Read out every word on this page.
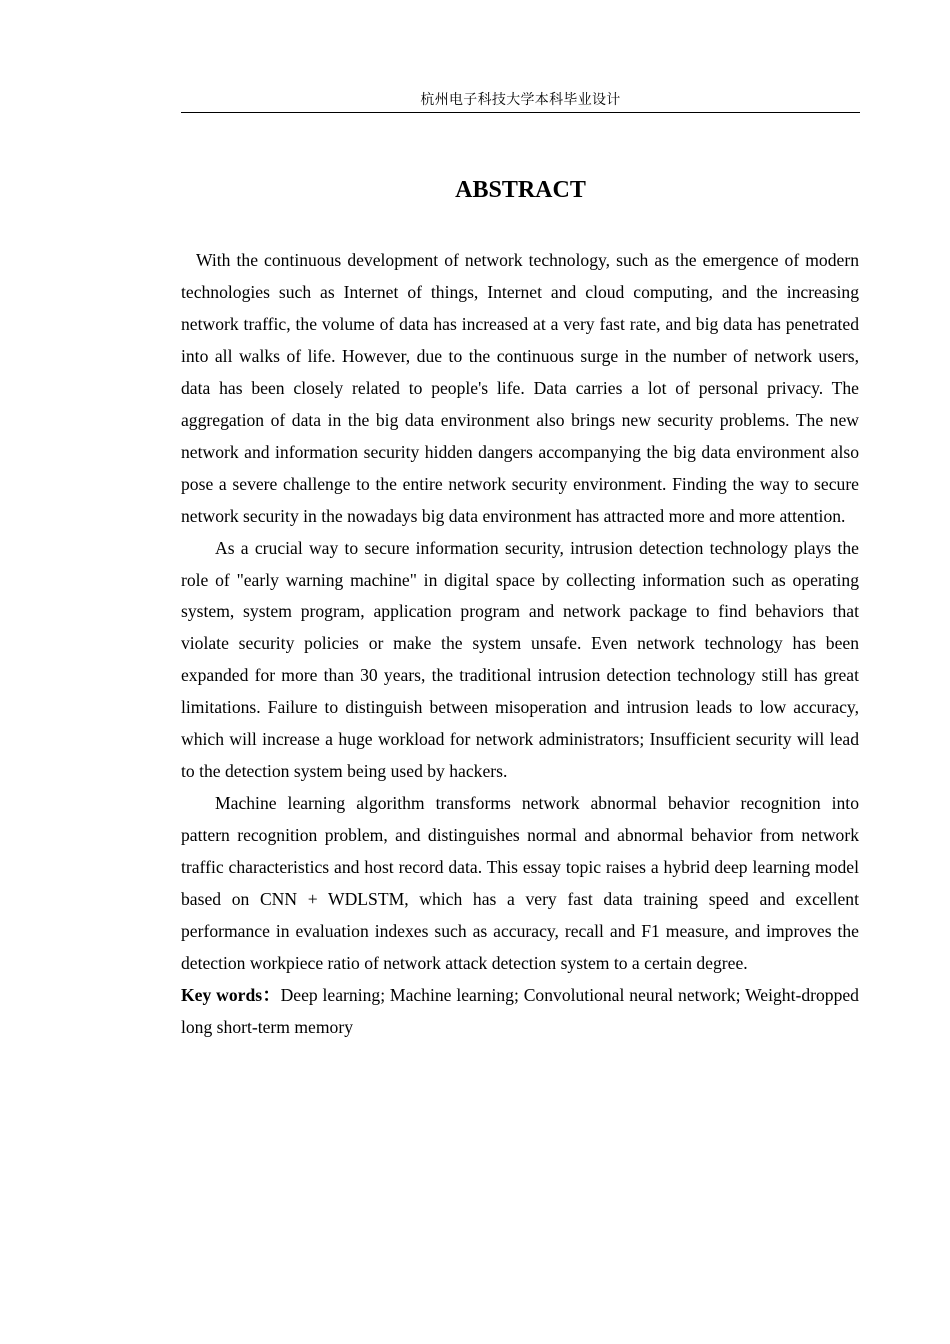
杭州电子科技大学本科毕业设计
ABSTRACT

With the continuous development of network technology, such as the emergence of modern technologies such as Internet of things, Internet and cloud computing, and the increasing network traffic, the volume of data has increased at a very fast rate, and big data has penetrated into all walks of life. However, due to the continuous surge in the number of network users, data has been closely related to people's life. Data carries a lot of personal privacy. The aggregation of data in the big data environment also brings new security problems. The new network and information security hidden dangers accompanying the big data environment also pose a severe challenge to the entire network security environment. Finding the way to secure network security in the nowadays big data environment has attracted more and more attention.

As a crucial way to secure information security, intrusion detection technology plays the role of "early warning machine" in digital space by collecting information such as operating system, system program, application program and network package to find behaviors that violate security policies or make the system unsafe. Even network technology has been expanded for more than 30 years, the traditional intrusion detection technology still has great limitations. Failure to distinguish between misoperation and intrusion leads to low accuracy, which will increase a huge workload for network administrators; Insufficient security will lead to the detection system being used by hackers.

Machine learning algorithm transforms network abnormal behavior recognition into pattern recognition problem, and distinguishes normal and abnormal behavior from network traffic characteristics and host record data. This essay topic raises a hybrid deep learning model based on CNN + WDLSTM, which has a very fast data training speed and excellent performance in evaluation indexes such as accuracy, recall and F1 measure, and improves the detection workpiece ratio of network attack detection system to a certain degree.

Key words：Deep learning; Machine learning; Convolutional neural network; Weight-dropped long short-term memory
